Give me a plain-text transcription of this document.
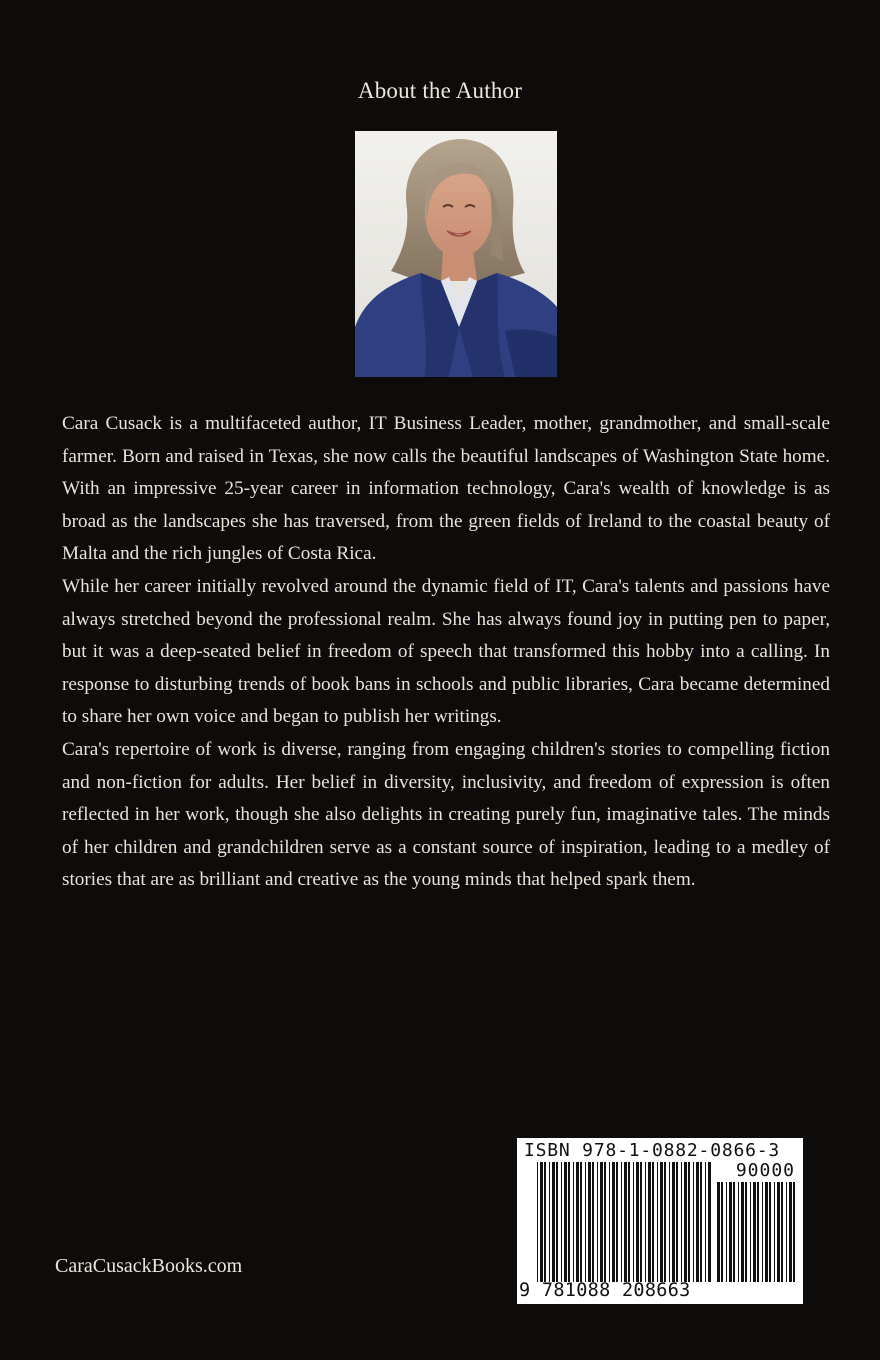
About the Author

Cara Cusack is a multifaceted author, IT Business Leader, mother, grandmother, and small-scale farmer. Born and raised in Texas, she now calls the beautiful landscapes of Washington State home. With an impressive 25-year career in information technology, Cara's wealth of knowledge is as broad as the landscapes she has traversed, from the green fields of Ireland to the coastal beauty of Malta and the rich jungles of Costa Rica.

While her career initially revolved around the dynamic field of IT, Cara's talents and passions have always stretched beyond the professional realm. She has always found joy in putting pen to paper, but it was a deep-seated belief in freedom of speech that transformed this hobby into a calling. In response to disturbing trends of book bans in schools and public libraries, Cara became determined to share her own voice and began to publish her writings.

Cara's repertoire of work is diverse, ranging from engaging children's stories to compelling fiction and non-fiction for adults. Her belief in diversity, inclusivity, and freedom of expression is often reflected in her work, though she also delights in creating purely fun, imaginative tales. The minds of her children and grandchildren serve as a constant source of inspiration, leading to a medley of stories that are as brilliant and creative as the young minds that helped spark them.

CaraCusackBooks.com
ISBN 978-1-0882-0866-3
90000
9 781088 208663
